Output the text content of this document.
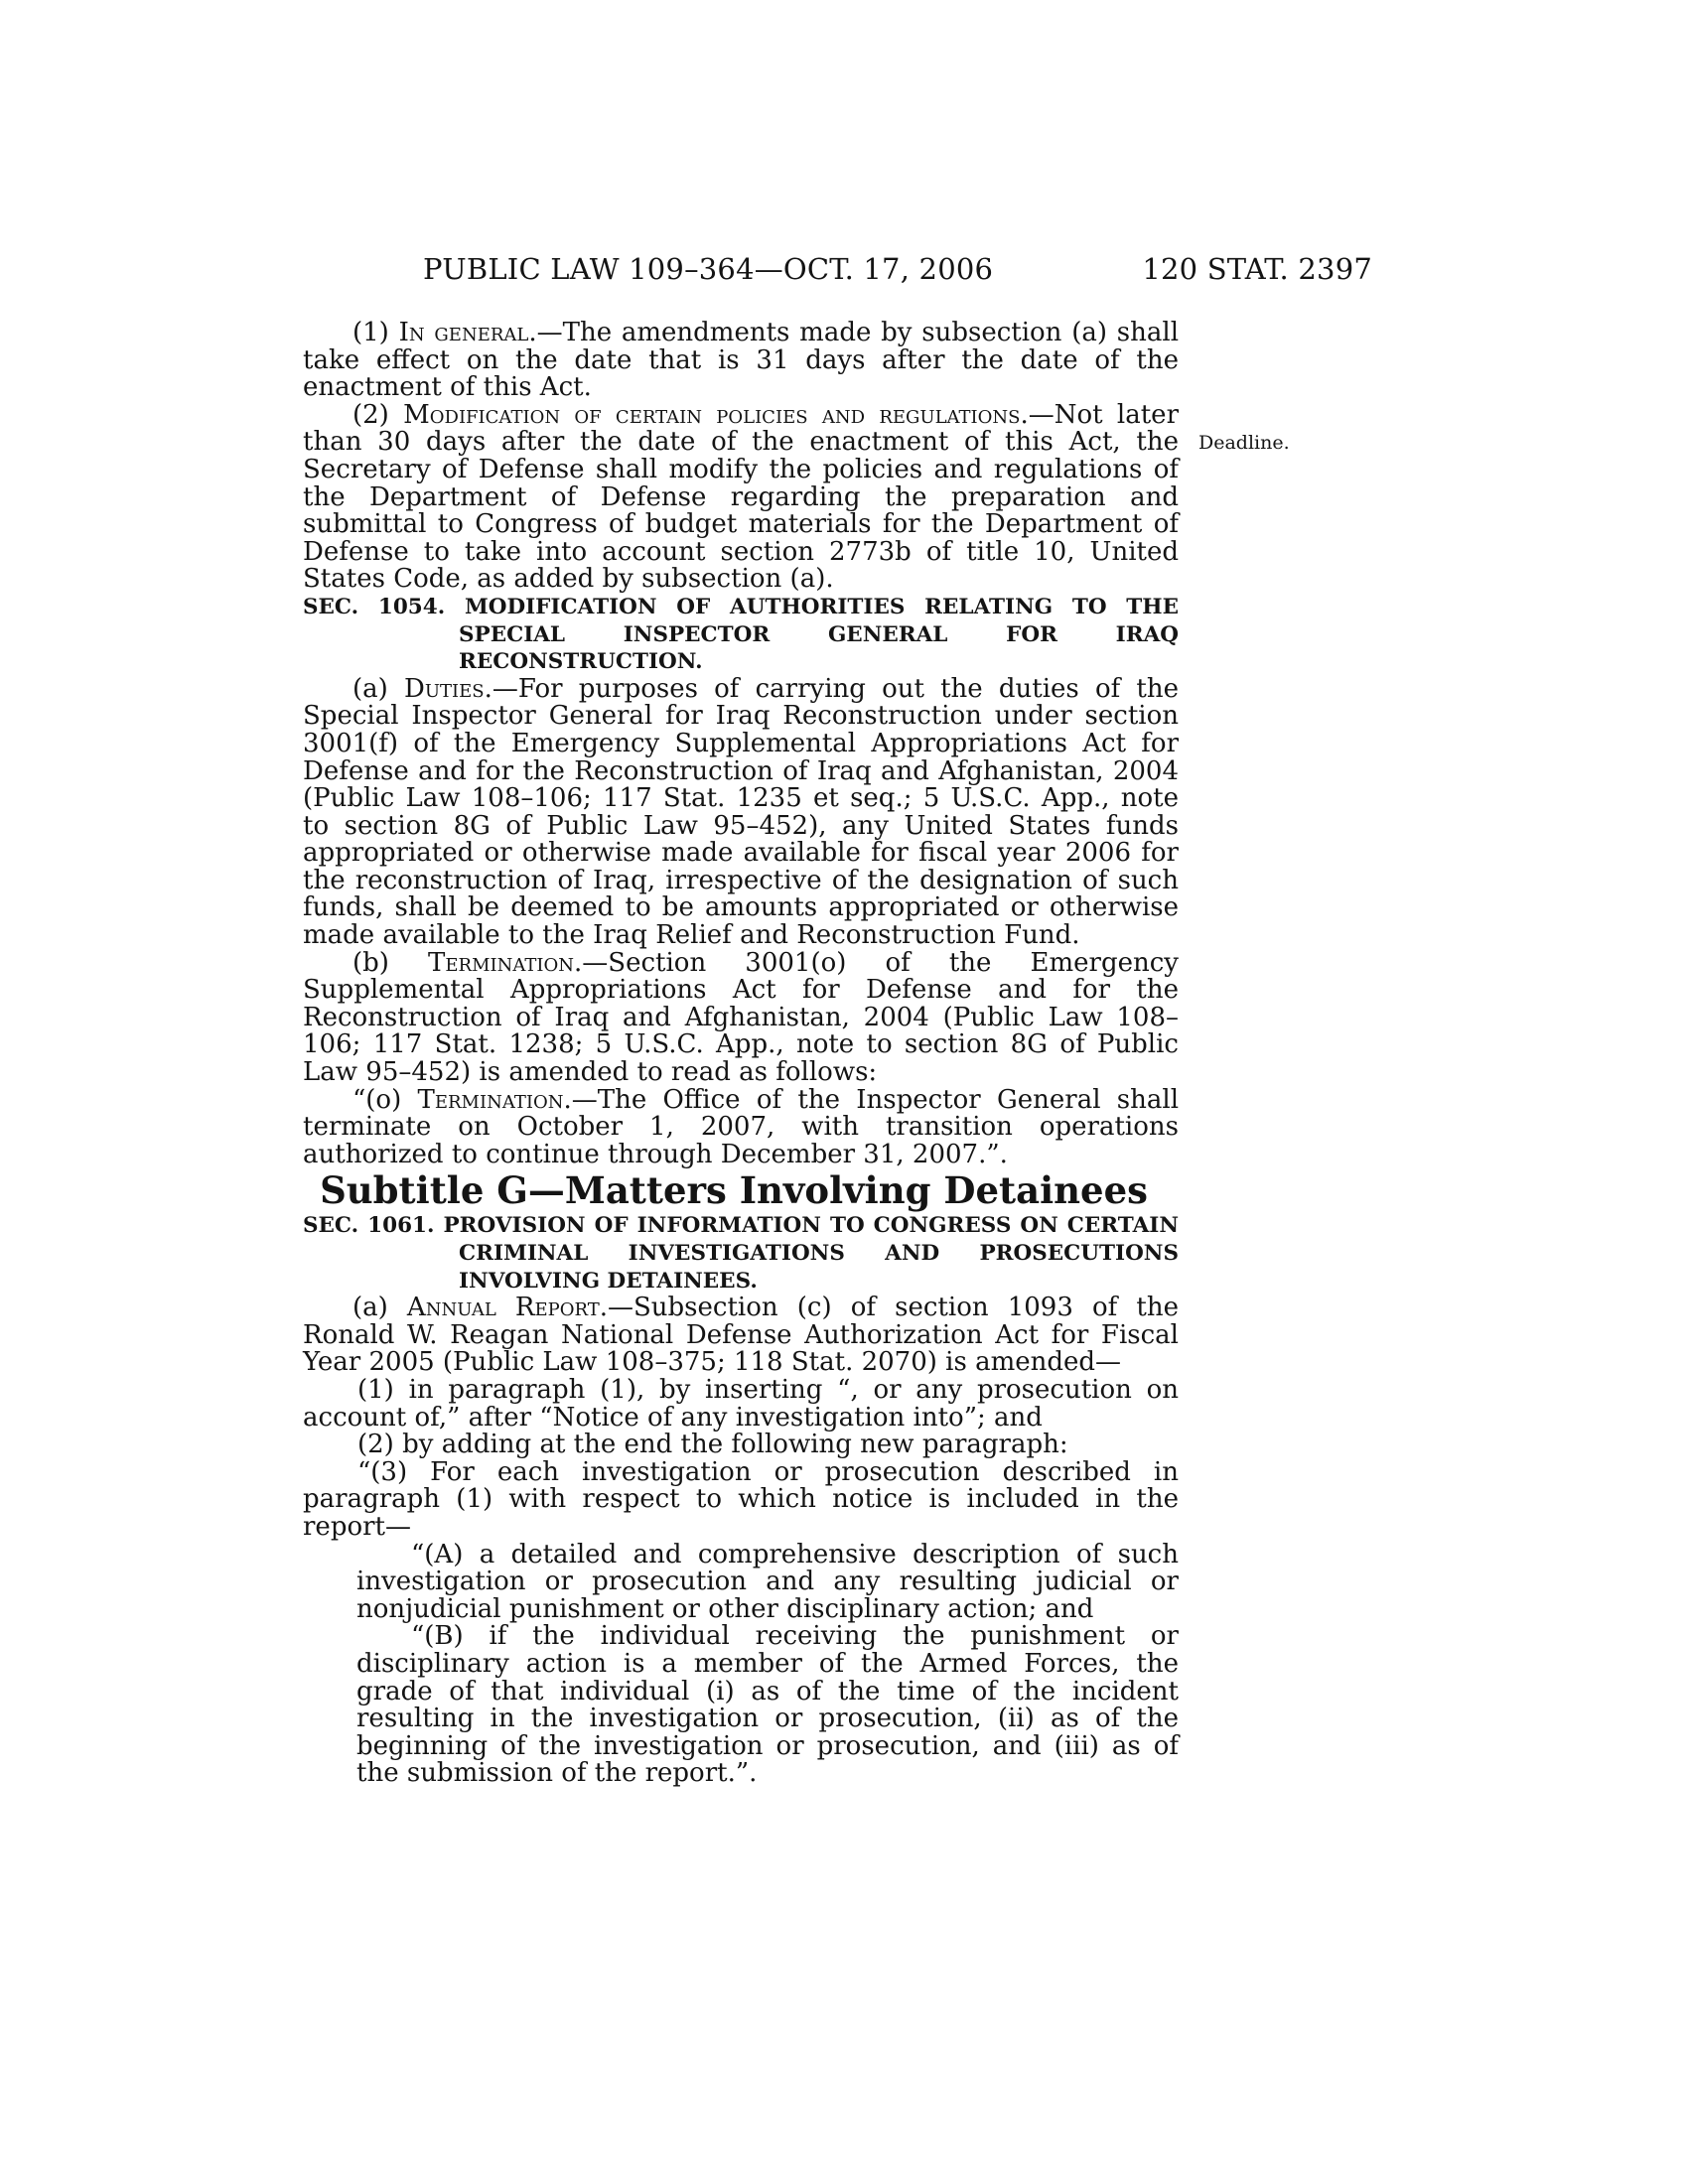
PUBLIC LAW 109–364—OCT. 17, 2006	120 STAT. 2397
Deadline.

(1) In general.—The amendments made by subsection (a) shall take effect on the date that is 31 days after the date of the enactment of this Act.

(2) Modification of certain policies and regulations.—Not later than 30 days after the date of the enactment of this Act, the Secretary of Defense shall modify the policies and regulations of the Department of Defense regarding the preparation and submittal to Congress of budget materials for the Department of Defense to take into account section 2773b of title 10, United States Code, as added by subsection (a).

SEC. 1054. MODIFICATION OF AUTHORITIES RELATING TO THE SPECIAL INSPECTOR GENERAL FOR IRAQ RECONSTRUCTION.

(a) Duties.—For purposes of carrying out the duties of the Special Inspector General for Iraq Reconstruction under section 3001(f) of the Emergency Supplemental Appropriations Act for Defense and for the Reconstruction of Iraq and Afghanistan, 2004 (Public Law 108–106; 117 Stat. 1235 et seq.; 5 U.S.C. App., note to section 8G of Public Law 95–452), any United States funds appropriated or otherwise made available for fiscal year 2006 for the reconstruction of Iraq, irrespective of the designation of such funds, shall be deemed to be amounts appropriated or otherwise made available to the Iraq Relief and Reconstruction Fund.

(b) Termination.—Section 3001(o) of the Emergency Supplemental Appropriations Act for Defense and for the Reconstruction of Iraq and Afghanistan, 2004 (Public Law 108–106; 117 Stat. 1238; 5 U.S.C. App., note to section 8G of Public Law 95–452) is amended to read as follows:

“(o) Termination.—The Office of the Inspector General shall terminate on October 1, 2007, with transition operations authorized to continue through December 31, 2007.”.

Subtitle G—Matters Involving Detainees

SEC. 1061. PROVISION OF INFORMATION TO CONGRESS ON CERTAIN CRIMINAL INVESTIGATIONS AND PROSECUTIONS INVOLVING DETAINEES.

(a) Annual Report.—Subsection (c) of section 1093 of the Ronald W. Reagan National Defense Authorization Act for Fiscal Year 2005 (Public Law 108–375; 118 Stat. 2070) is amended—

(1) in paragraph (1), by inserting “, or any prosecution on account of,” after “Notice of any investigation into”; and

(2) by adding at the end the following new paragraph:

“(3) For each investigation or prosecution described in paragraph (1) with respect to which notice is included in the report—

“(A) a detailed and comprehensive description of such investigation or prosecution and any resulting judicial or nonjudicial punishment or other disciplinary action; and

“(B) if the individual receiving the punishment or disciplinary action is a member of the Armed Forces, the grade of that individual (i) as of the time of the incident resulting in the investigation or prosecution, (ii) as of the beginning of the investigation or prosecution, and (iii) as of the submission of the report.”.
